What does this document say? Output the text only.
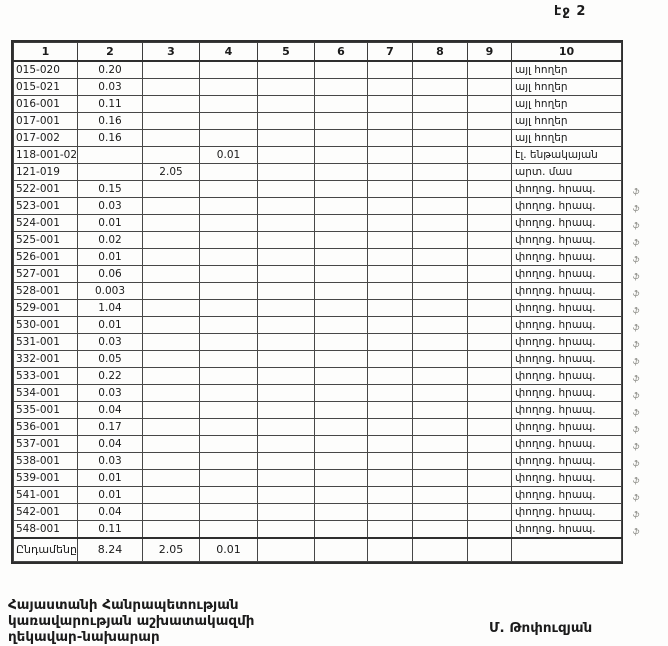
էջ 2
1	2	3	4	5	6	7	8	9	10
015-020	0.20								այլ հողեր
015-021	0.03								այլ հողեր
016-001	0.11								այլ հողեր
017-001	0.16								այլ հողեր
017-002	0.16								այլ հողեր
118-001-02			0.01						էլ. ենթակայան
121-019		2.05							արտ. մաս
522-001	0.15								փողոց. հրապ. ֆ

523-001	0.03								փողոց. հրապ. ֆ

524-001	0.01								փողոց. հրապ. ֆ

525-001	0.02								փողոց. հրապ. ֆ

526-001	0.01								փողոց. հրապ. ֆ

527-001	0.06								փողոց. հրապ. ֆ

528-001	0.003								փողոց. հրապ. ֆ

529-001	1.04								փողոց. հրապ. ֆ

530-001	0.01								փողոց. հրապ. ֆ

531-001	0.03								փողոց. հրապ. ֆ

332-001	0.05								փողոց. հրապ. ֆ

533-001	0.22								փողոց. հրապ. ֆ

534-001	0.03								փողոց. հրապ. ֆ

535-001	0.04								փողոց. հրապ. ֆ

536-001	0.17								փողոց. հրապ. ֆ

537-001	0.04								փողոց. հրապ. ֆ

538-001	0.03								փողոց. հրապ. ֆ

539-001	0.01								փողոց. հրապ. ֆ

541-001	0.01								փողոց. հրապ. ֆ

542-001	0.04								փողոց. հրապ. ֆ

548-001	0.11								փողոց. հրապ. ֆ

Ընդամենը	8.24	2.05	0.01						
Հայաստանի Հանրապետության
կառավարության աշխատակազմի
ղեկավար-նախարար
Մ. Թոփուզյան
